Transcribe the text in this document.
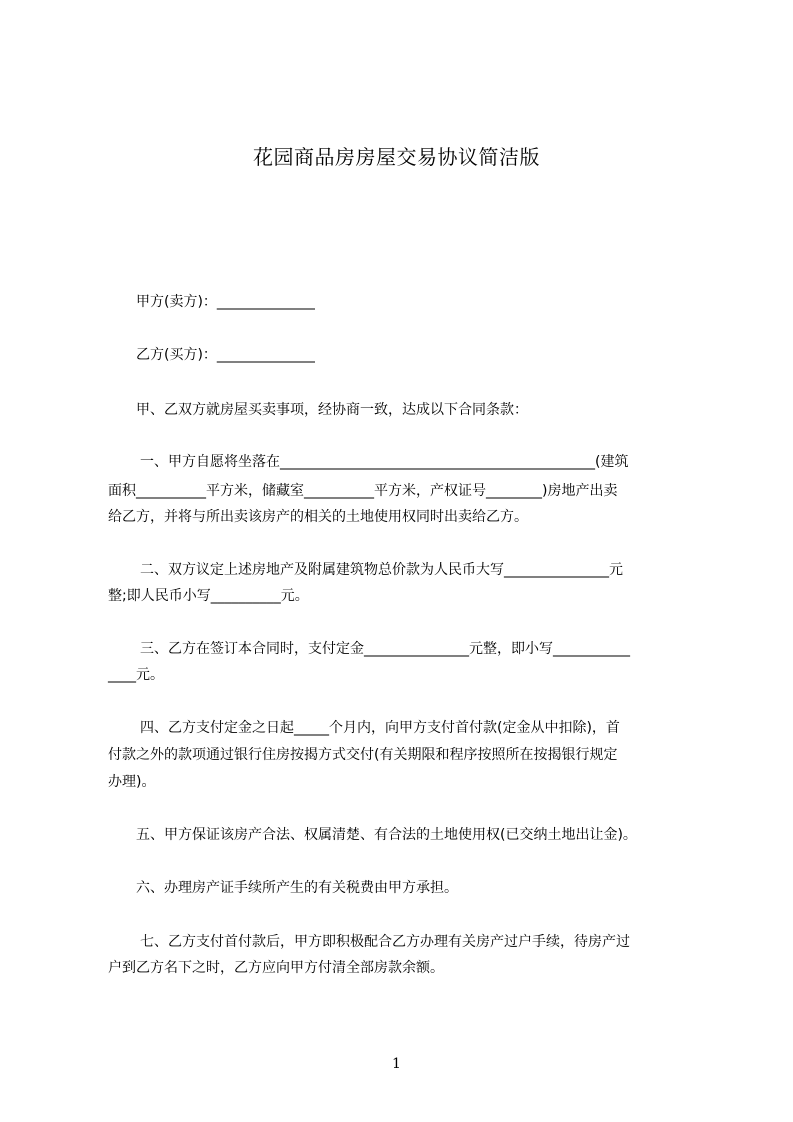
花园商品房房屋交易协议简洁版
甲方(卖方)：______________
乙方(买方)：______________
甲、乙双方就房屋买卖事项，经协商一致，达成以下合同条款：
一、甲方自愿将坐落在_____________________________________________(建筑
面积__________平方米，储藏室__________平方米，产权证号________)房地产出卖
给乙方，并将与所出卖该房产的相关的土地使用权同时出卖给乙方。
二、双方议定上述房地产及附属建筑物总价款为人民币大写_______________元
整;即人民币小写__________元。
三、乙方在签订本合同时，支付定金_______________元整，即小写___________
____元。
四、乙方支付定金之日起_____个月内，向甲方支付首付款(定金从中扣除)，首
付款之外的款项通过银行住房按揭方式交付(有关期限和程序按照所在按揭银行规定
办理)。
五、甲方保证该房产合法、权属清楚、有合法的土地使用权(已交纳土地出让金)。
六、办理房产证手续所产生的有关税费由甲方承担。
七、乙方支付首付款后，甲方即积极配合乙方办理有关房产过户手续，待房产过
户到乙方名下之时，乙方应向甲方付清全部房款余额。
1
